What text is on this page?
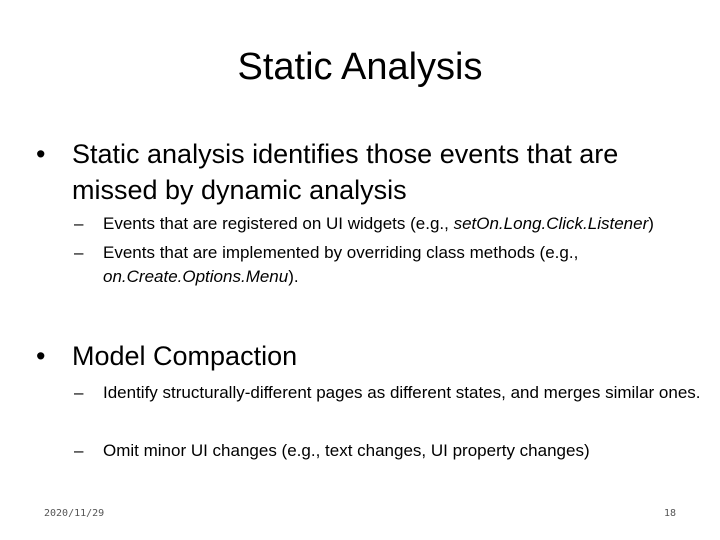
Static Analysis
• Static analysis identifies those events that are missed by dynamic analysis
– Events that are registered on UI widgets (e.g., setOn.Long.Click.Listener)
– Events that are implemented by overriding class methods (e.g., on.Create.Options.Menu).
• Model Compaction
– Identify structurally-different pages as different states, and merges similar ones.
– Omit minor UI changes (e.g., text changes, UI property changes)
2020/11/29	18
